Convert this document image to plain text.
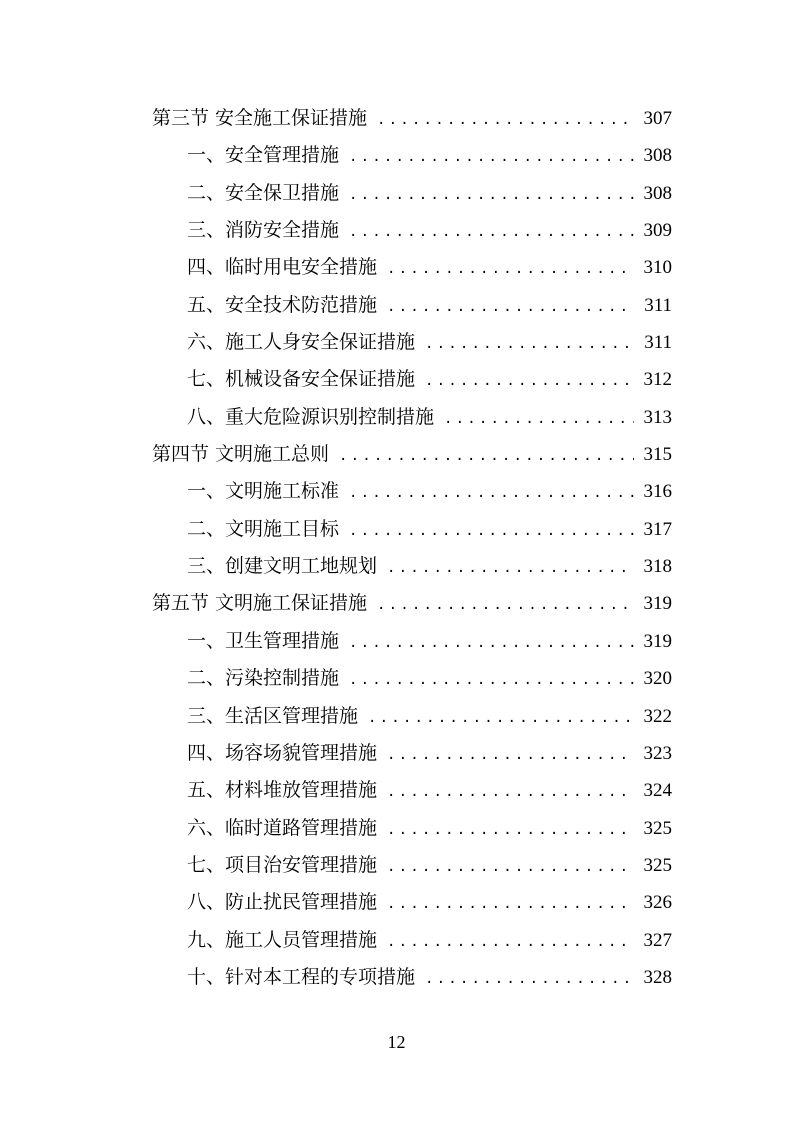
第三节 安全施工保证措施 .....	307
一、安全管理措施 .....	308
二、安全保卫措施 .....	308
三、消防安全措施 .....	309
四、临时用电安全措施 .....	310
五、安全技术防范措施 .....	311
六、施工人身安全保证措施 .....	311
七、机械设备安全保证措施 .....	312
八、重大危险源识别控制措施 .....	313
第四节 文明施工总则 .....	315
一、文明施工标准 .....	316
二、文明施工目标 .....	317
三、创建文明工地规划 .....	318
第五节 文明施工保证措施 .....	319
一、卫生管理措施 .....	319
二、污染控制措施 .....	320
三、生活区管理措施 .....	322
四、场容场貌管理措施 .....	323
五、材料堆放管理措施 .....	324
六、临时道路管理措施 .....	325
七、项目治安管理措施 .....	325
八、防止扰民管理措施 .....	326
九、施工人员管理措施 .....	327
十、针对本工程的专项措施 .....	328
12
